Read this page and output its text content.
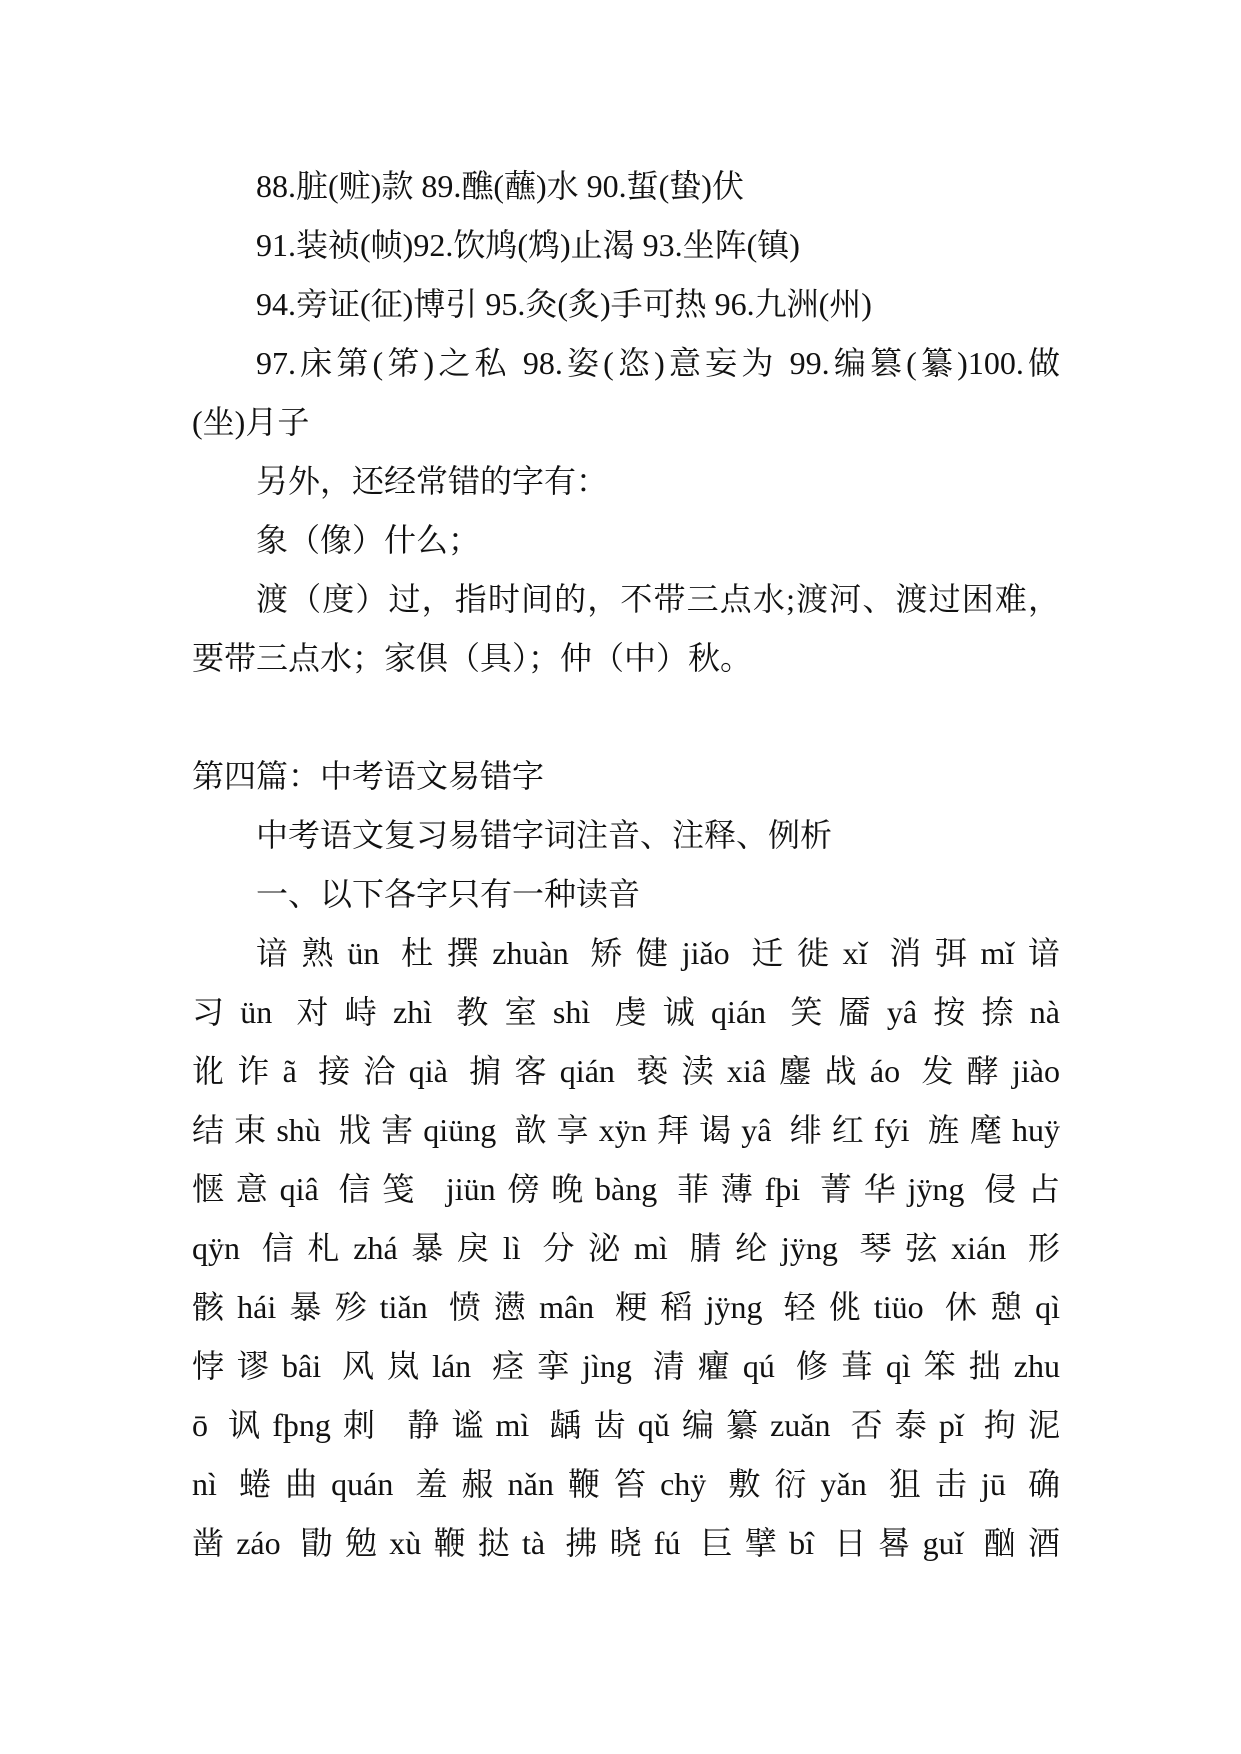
88.脏(赃)款 89.醮(蘸)水 90.蜇(蛰)伏
91.装祯(帧)92.饮鸠(鸩)止渴 93.坐阵(镇)
94.旁证(征)博引 95.灸(炙)手可热 96.九洲(州)
97.床第(笫)之私 98.姿(恣)意妄为 99.编篡(纂)100.做
(坐)月子
另外，还经常错的字有：
象（像）什么；
渡（度）过，指时间的，不带三点水;渡河、渡过困难，
要带三点水；家俱（具）；仲（中）秋。
第四篇：中考语文易错字
中考语文复习易错字词注音、注释、例析
一、以下各字只有一种读音
谙熟ün 杜撰zhuàn 矫健jiǎo 迁徙xǐ 消弭mǐ谙
习ün 对峙zhì 教室shì 虔诚qián 笑靥yâ按捺nà
讹诈ã 接洽qià 掮客qián 亵渎xiâ鏖战áo 发酵jiào
结束shù 戕害qiüng 歆享xÿn拜谒yâ 绯红fýi 旌麾huÿ
惬意qiâ 信笺 jiün傍晚bàng 菲薄fþi 菁华jÿng 侵占
qÿn 信札zhá暴戾lì 分泌mì 腈纶jÿng 琴弦xián 形
骸hái暴殄tiǎn 愤懑mân 粳稻jÿng 轻佻tiüo 休憩qì
悖谬bâi 风岚lán 痉挛jìng 清癯qú 修葺qì笨拙zhu
ō 讽fþng刺 静谧mì 龋齿qǔ编纂zuǎn 否泰pǐ 拘泥
nì 蜷曲quán 羞赧nǎn鞭笞chÿ 敷衍yǎn 狙击jū 确
凿záo 勖勉xù鞭挞tà 拂晓fú 巨擘bî 日晷guǐ 酗酒
